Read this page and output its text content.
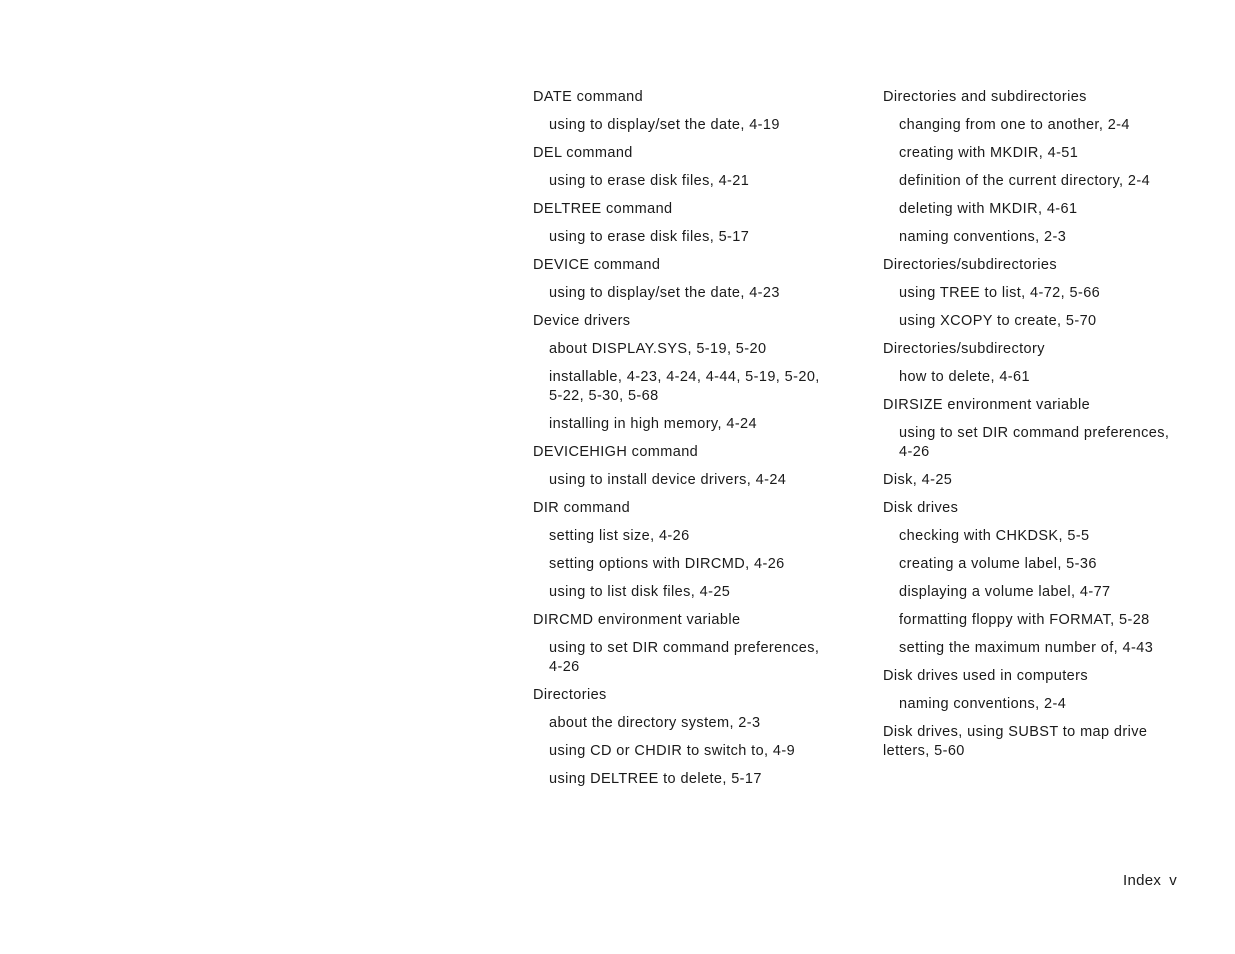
DATE command
using to display/set the date, 4-19
DEL command
using to erase disk files, 4-21
DELTREE command
using to erase disk files, 5-17
DEVICE command
using to display/set the date, 4-23
Device drivers
about DISPLAY.SYS, 5-19, 5-20
installable, 4-23, 4-24, 4-44, 5-19, 5-20,
5-22, 5-30, 5-68
installing in high memory, 4-24
DEVICEHIGH command
using to install device drivers, 4-24
DIR command
setting list size, 4-26
setting options with DIRCMD, 4-26
using to list disk files, 4-25
DIRCMD environment variable
using to set DIR command preferences,
4-26
Directories
about the directory system, 2-3
using CD or CHDIR to switch to, 4-9
using DELTREE to delete, 5-17
Directories and subdirectories
changing from one to another, 2-4
creating with MKDIR, 4-51
definition of the current directory, 2-4
deleting with MKDIR, 4-61
naming conventions, 2-3
Directories/subdirectories
using TREE to list, 4-72, 5-66
using XCOPY to create, 5-70
Directories/subdirectory
how to delete, 4-61
DIRSIZE environment variable
using to set DIR command preferences,
4-26
Disk, 4-25
Disk drives
checking with CHKDSK, 5-5
creating a volume label, 5-36
displaying a volume label, 4-77
formatting floppy with FORMAT, 5-28
setting the maximum number of, 4-43
Disk drives used in computers
naming conventions, 2-4
Disk drives, using SUBST to map drive
letters, 5-60
Index v
